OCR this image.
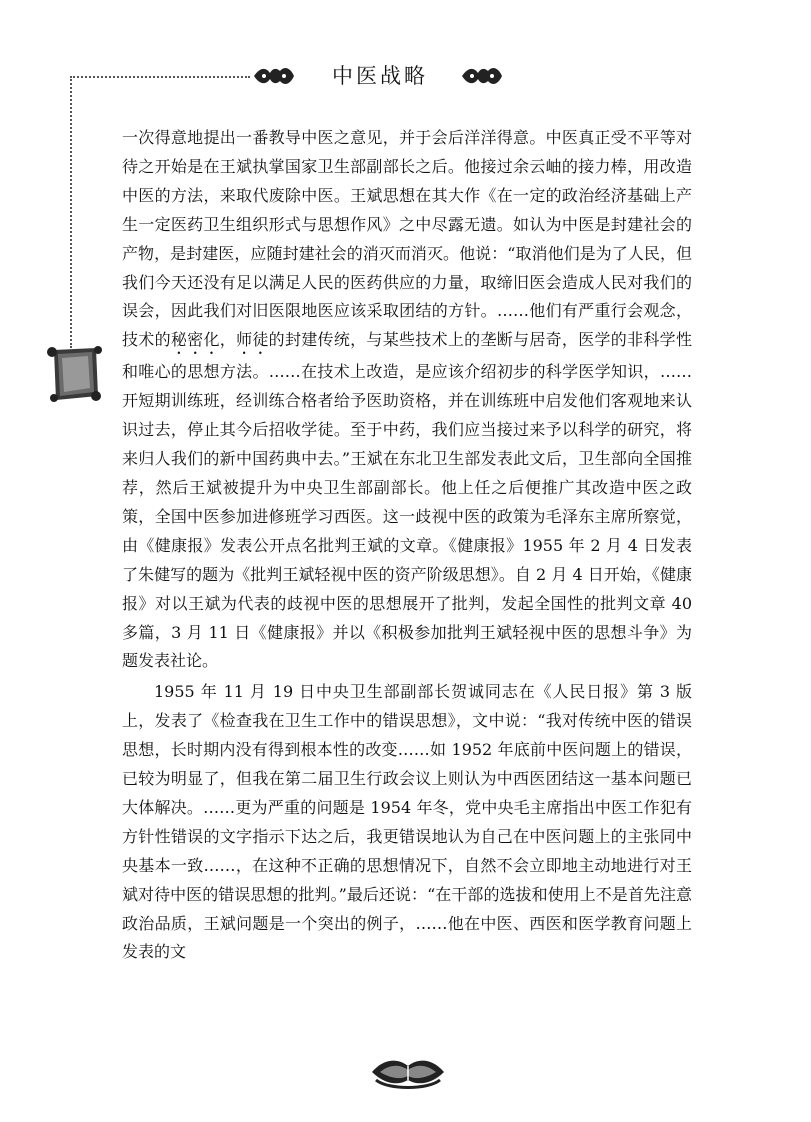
中医战略

一次得意地提出一番教导中医之意见，并于会后洋洋得意。中医真正受不平等对待之开始是在王斌执掌国家卫生部副部长之后。他接过余云岫的接力棒，用改造中医的方法，来取代废除中医。王斌思想在其大作《在一定的政治经济基础上产生一定医药卫生组织形式与思想作风》之中尽露无遗。如认为中医是封建社会的产物，是封建医，应随封建社会的消灭而消灭。他说：“取消他们是为了人民，但我们今天还没有足以满足人民的医药供应的力量，取缔旧医会造成人民对我们的误会，因此我们对旧医限地医应该采取团结的方针。……他们有严重行会观念，技术的秘密化，师徒的封建传统，与某些技术上的垄断与居奇，医学的非科学性和唯心的思想方法。……在技术上改造，是应该介绍初步的科学医学知识，……开短期训练班，经训练合格者给予医助资格，并在训练班中启发他们客观地来认识过去，停止其今后招收学徒。至于中药，我们应当接过来予以科学的研究，将来归人我们的新中国药典中去。”王斌在东北卫生部发表此文后，卫生部向全国推荐，然后王斌被提升为中央卫生部副部长。他上任之后便推广其改造中医之政策，全国中医参加进修班学习西医。这一歧视中医的政策为毛泽东主席所察觉，由《健康报》发表公开点名批判王斌的文章。《健康报》1955 年 2 月 4 日发表了朱健写的题为《批判王斌轻视中医的资产阶级思想》。自 2 月 4 日开始，《健康报》对以王斌为代表的歧视中医的思想展开了批判，发起全国性的批判文章 40 多篇，3 月 11 日《健康报》并以《积极参加批判王斌轻视中医的思想斗争》为题发表社论。

1955 年 11 月 19 日中央卫生部副部长贺诚同志在《人民日报》第 3 版上，发表了《检查我在卫生工作中的错误思想》，文中说：“我对传统中医的错误思想，长时期内没有得到根本性的改变……如 1952 年底前中医问题上的错误，已较为明显了，但我在第二届卫生行政会议上则认为中西医团结这一基本问题已大体解决。……更为严重的问题是 1954 年冬，党中央毛主席指出中医工作犯有方针性错误的文字指示下达之后，我更错误地认为自己在中医问题上的主张同中央基本一致……，在这种不正确的思想情况下，自然不会立即地主动地进行对王斌对待中医的错误思想的批判。”最后还说：“在干部的选拔和使用上不是首先注意政治品质，王斌问题是一个突出的例子，……他在中医、西医和医学教育问题上发表的文
